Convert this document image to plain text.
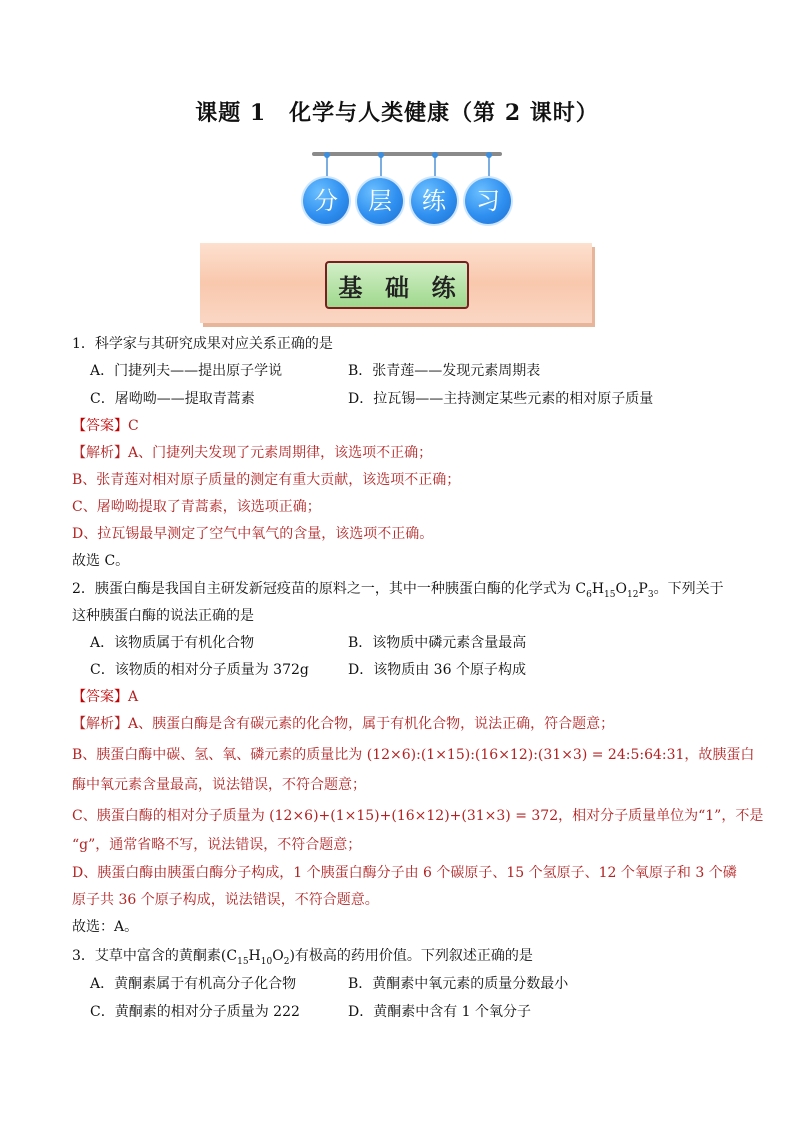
课题 1　化学与人类健康（第 2 课时）
分	层	练	习
基 础 练
1．科学家与其研究成果对应关系正确的是
A．门捷列夫——提出原子学说	B．张青莲——发现元素周期表
C．屠呦呦——提取青蒿素	D．拉瓦锡——主持测定某些元素的相对原子质量
【答案】C
【解析】A、门捷列夫发现了元素周期律，该选项不正确；
B、张青莲对相对原子质量的测定有重大贡献，该选项不正确；
C、屠呦呦提取了青蒿素，该选项正确；
D、拉瓦锡最早测定了空气中氧气的含量，该选项不正确。
故选 C。
2．胰蛋白酶是我国自主研发新冠疫苗的原料之一，其中一种胰蛋白酶的化学式为 $C_6H_{15}O_{12}P_3$。下列关于
这种胰蛋白酶的说法正确的是
A．该物质属于有机化合物	B．该物质中磷元素含量最高
C．该物质的相对分子质量为 372g	D．该物质由 36 个原子构成
【答案】A
【解析】A、胰蛋白酶是含有碳元素的化合物，属于有机化合物，说法正确，符合题意；
B、胰蛋白酶中碳、氢、氧、磷元素的质量比为 (12×6):(1×15):(16×12):(31×3) = 24:5:64:31，故胰蛋白
酶中氧元素含量最高，说法错误，不符合题意；
C、胰蛋白酶的相对分子质量为 (12×6)+(1×15)+(16×12)+(31×3) = 372，相对分子质量单位为“1”，不是
“g”，通常省略不写，说法错误，不符合题意；
D、胰蛋白酶由胰蛋白酶分子构成，1 个胰蛋白酶分子由 6 个碳原子、15 个氢原子、12 个氧原子和 3 个磷
原子共 36 个原子构成，说法错误，不符合题意。
故选：A。
3．艾草中富含的黄酮素$(C_{15}H_{10}O_2)$有极高的药用价值。下列叙述正确的是
A．黄酮素属于有机高分子化合物	B．黄酮素中氧元素的质量分数最小
C．黄酮素的相对分子质量为 222	D．黄酮素中含有 1 个氧分子
